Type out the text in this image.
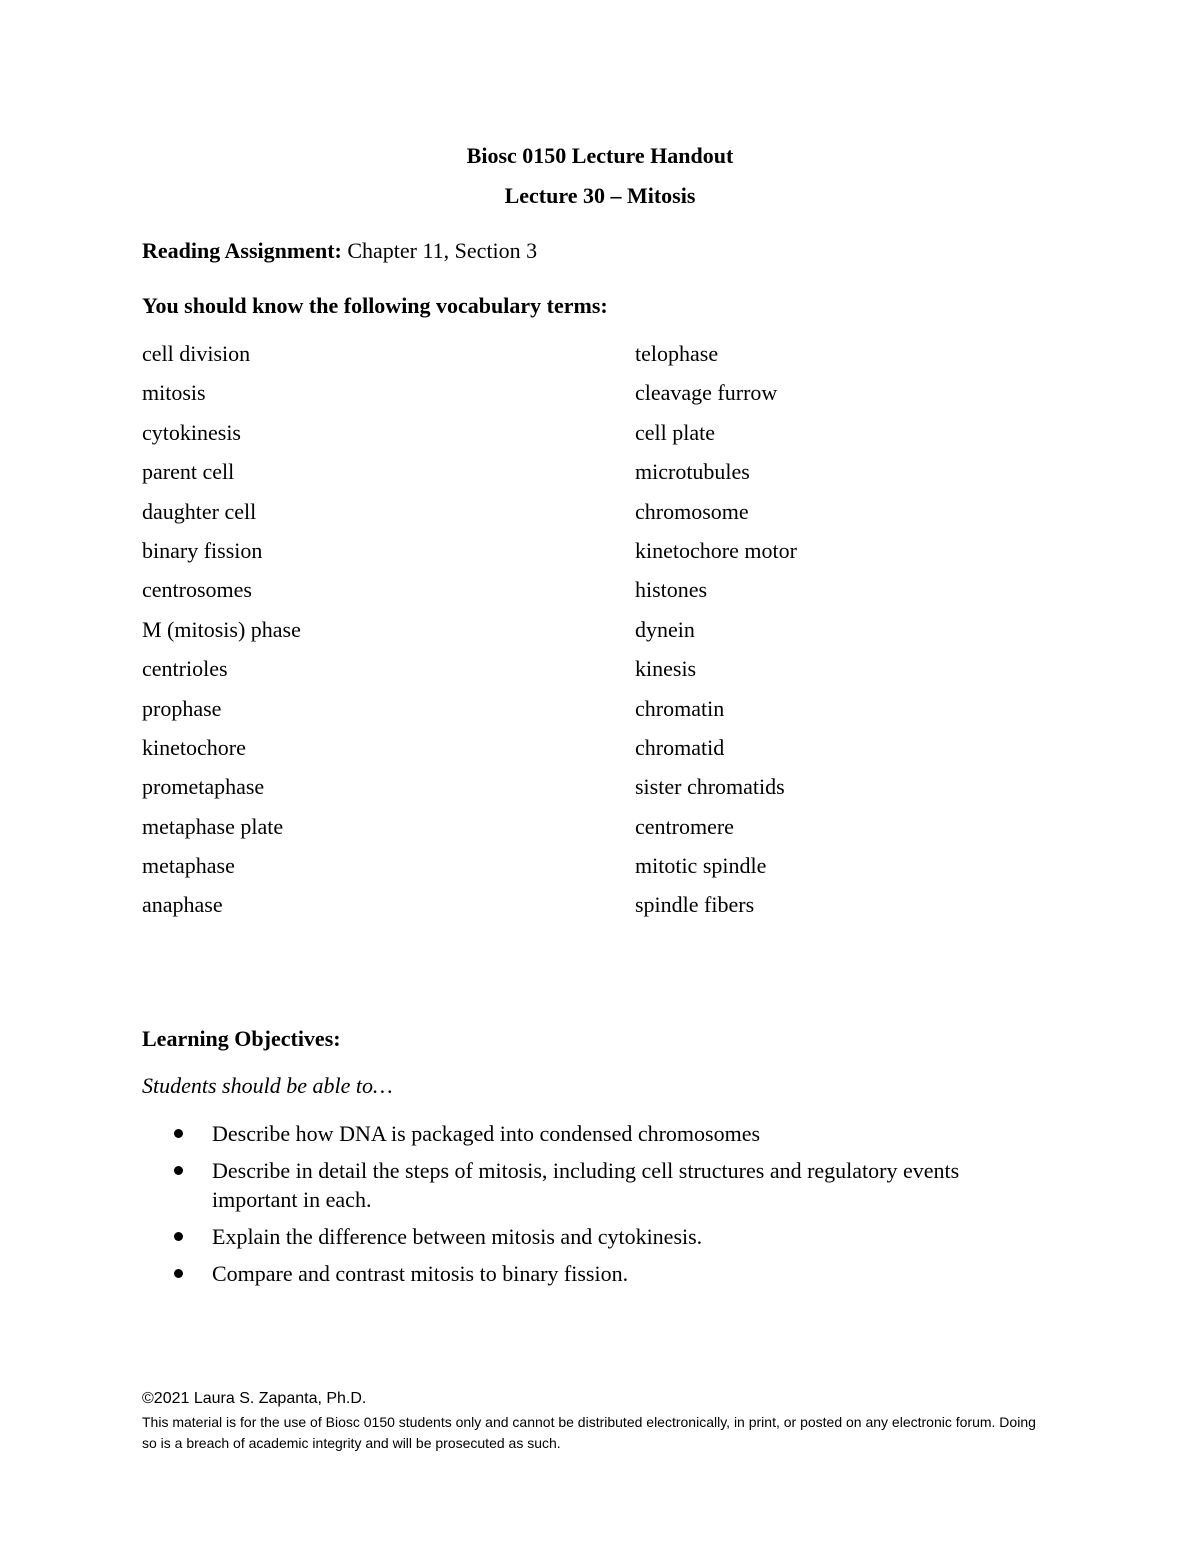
Biosc 0150 Lecture Handout
Lecture 30 – Mitosis
Reading Assignment: Chapter 11, Section 3
You should know the following vocabulary terms:
cell division
mitosis
cytokinesis
parent cell
daughter cell
binary fission
centrosomes
M (mitosis) phase
centrioles
prophase
kinetochore
prometaphase
metaphase plate
metaphase
anaphase
telophase
cleavage furrow
cell plate
microtubules
chromosome
kinetochore motor
histones
dynein
kinesis
chromatin
chromatid
sister chromatids
centromere
mitotic spindle
spindle fibers
Learning Objectives:
Students should be able to…
Describe how DNA is packaged into condensed chromosomes
Describe in detail the steps of mitosis, including cell structures and regulatory events important in each.
Explain the difference between mitosis and cytokinesis.
Compare and contrast mitosis to binary fission.
©2021 Laura S. Zapanta, Ph.D.
This material is for the use of Biosc 0150 students only and cannot be distributed electronically, in print, or posted on any electronic forum. Doing so is a breach of academic integrity and will be prosecuted as such.
